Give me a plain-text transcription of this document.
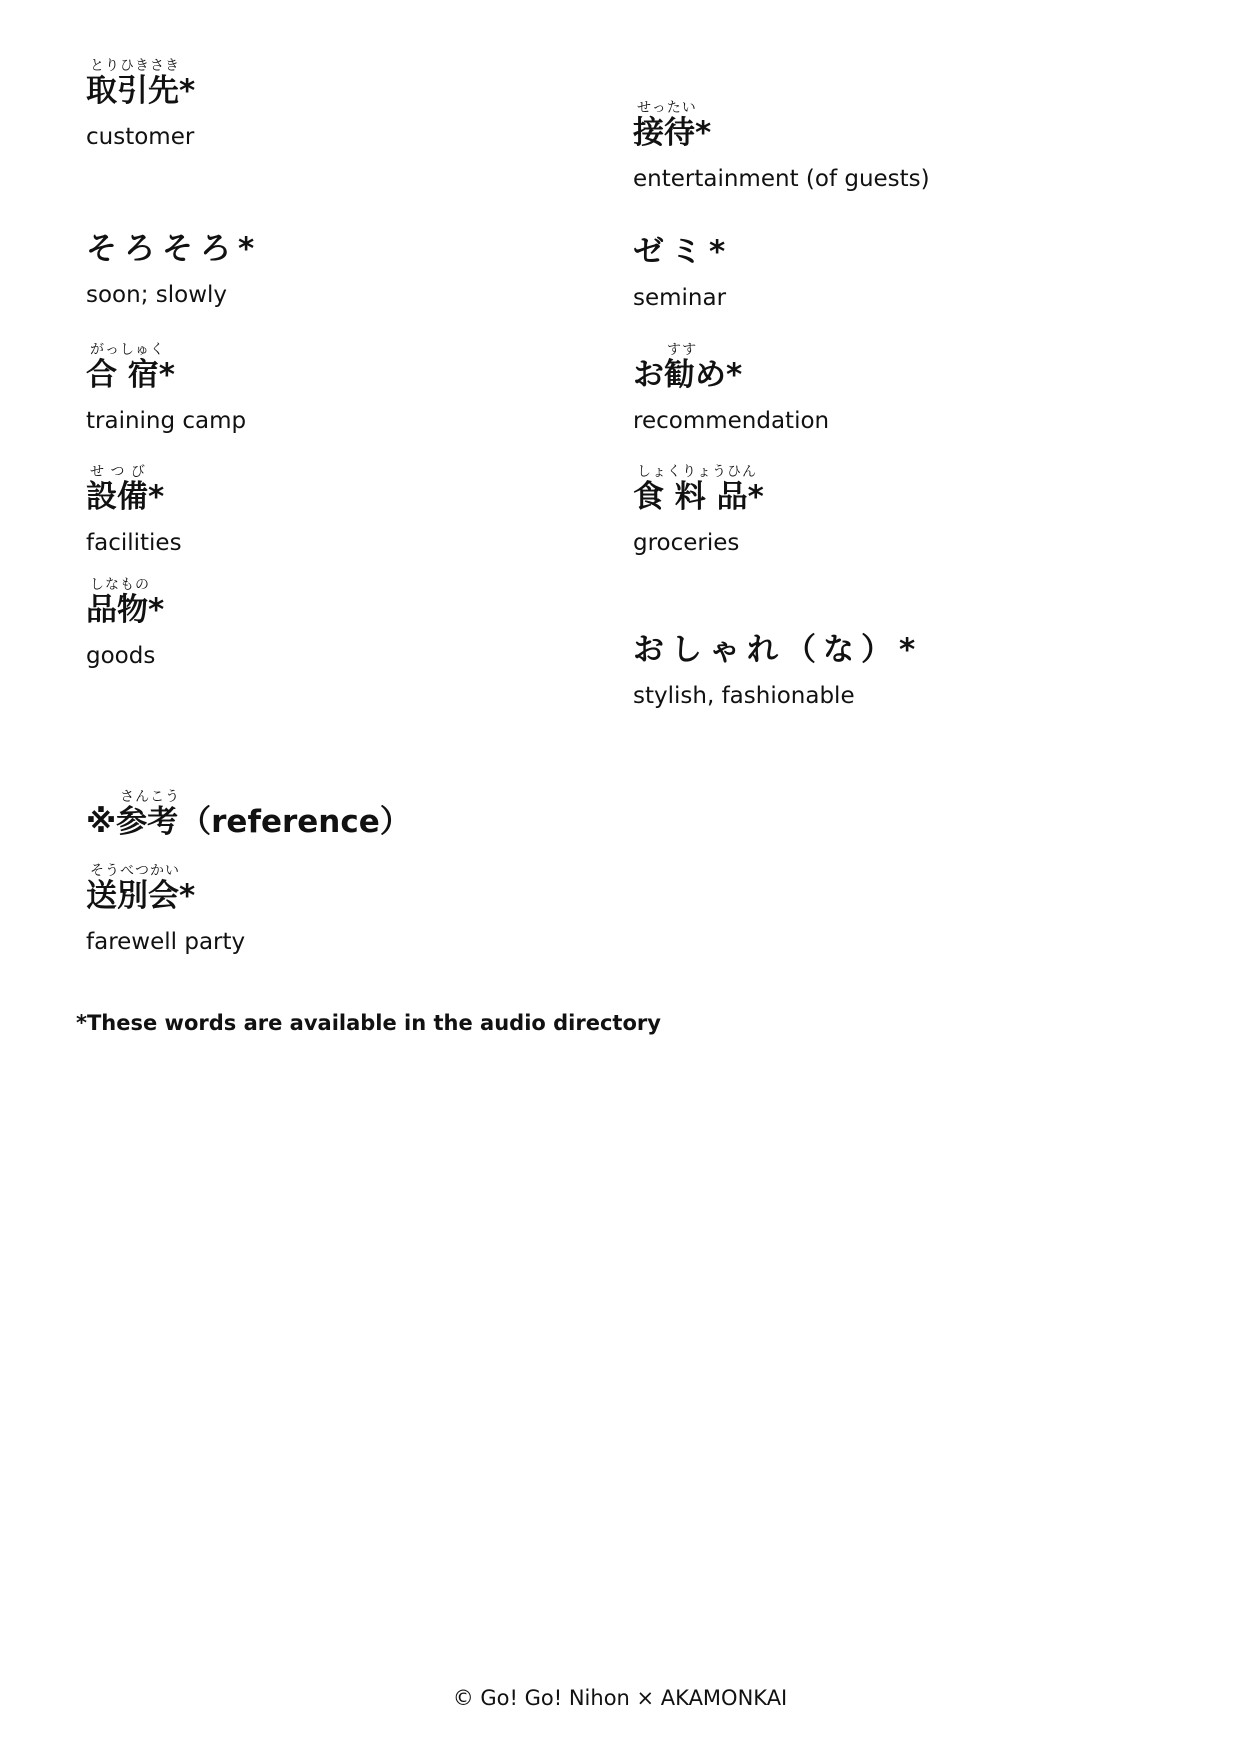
とりひきさき
取引先*
customer
そろそろ*
soon; slowly
がっしゅく
合 宿*
training camp
せ つ び
設備*
facilities
しなもの
品物*
goods
せったい
接待*
entertainment (of guests)
ゼミ*
seminar
すす
お勧め*
recommendation
しょくりょうひん
食 料 品*
groceries
おしゃれ（な）*
stylish, fashionable
※
さんこう
参考 （reference）
そうべつかい
送別会*
farewell party
*These words are available in the audio directory
© Go! Go! Nihon × AKAMONKAI
